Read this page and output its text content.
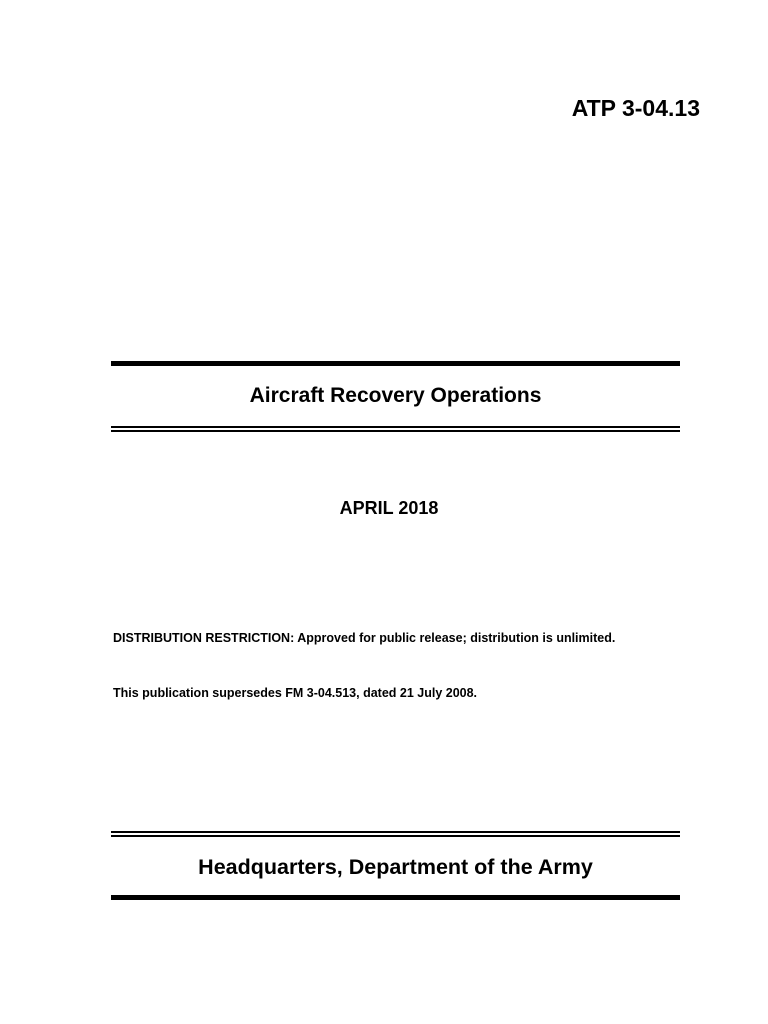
ATP 3-04.13
Aircraft Recovery Operations
APRIL 2018
DISTRIBUTION RESTRICTION: Approved for public release; distribution is unlimited.
This publication supersedes FM 3-04.513, dated 21 July 2008.
Headquarters, Department of the Army
